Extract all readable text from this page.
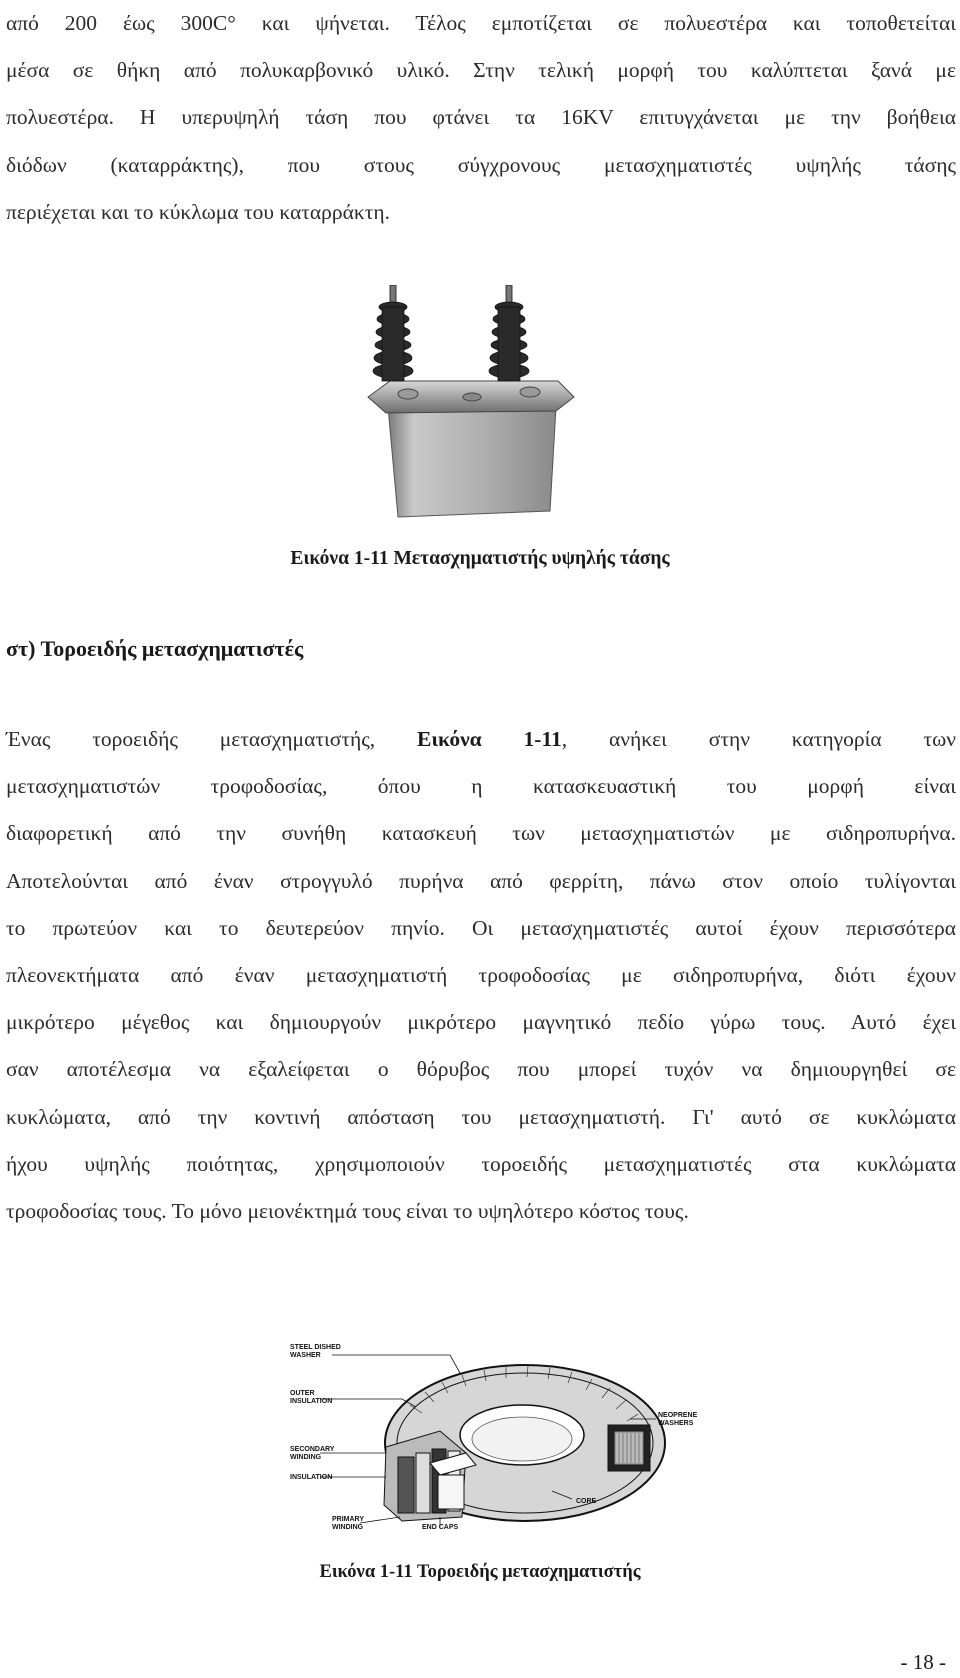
από 200 έως 300C° και ψήνεται. Τέλος εμποτίζεται σε πολυεστέρα και τοποθετείται
μέσα σε θήκη από πολυκαρβονικό υλικό. Στην τελική μορφή του καλύπτεται ξανά με
πολυεστέρα. Η υπερυψηλή τάση που φτάνει τα 16KV επιτυγχάνεται με την βοήθεια
διόδων (καταρράκτης), που στους σύγχρονους μετασχηματιστές υψηλής τάσης
περιέχεται και το κύκλωμα του καταρράκτη.

Εικόνα 1-11 Μετασχηματιστής υψηλής τάσης
στ) Τοροειδής μετασχηματιστές

Ένας τοροειδής μετασχηματιστής, Εικόνα 1-11, ανήκει στην κατηγορία των
μετασχηματιστών τροφοδοσίας, όπου η κατασκευαστική του μορφή είναι
διαφορετική από την συνήθη κατασκευή των μετασχηματιστών με σιδηροπυρήνα.
Αποτελούνται από έναν στρογγυλό πυρήνα από φερρίτη, πάνω στον οποίο τυλίγονται
το πρωτεύον και το δευτερεύον πηνίο. Οι μετασχηματιστές αυτοί έχουν περισσότερα
πλεονεκτήματα από έναν μετασχηματιστή τροφοδοσίας με σιδηροπυρήνα, διότι έχουν
μικρότερο μέγεθος και δημιουργούν μικρότερο μαγνητικό πεδίο γύρω τους. Αυτό έχει
σαν αποτέλεσμα να εξαλείφεται ο θόρυβος που μπορεί τυχόν να δημιουργηθεί σε
κυκλώματα, από την κοντινή απόσταση του μετασχηματιστή. Γι' αυτό σε κυκλώματα
ήχου υψηλής ποιότητας, χρησιμοποιούν τοροειδής μετασχηματιστές στα κυκλώματα
τροφοδοσίας τους. Το μόνο μειονέκτημά τους είναι το υψηλότερο κόστος τους.

STEEL DISHED
WASHER
OUTER
INSULATION
SECONDARY
WINDING
INSULATION
PRIMARY
WINDING	END CAPS
CORE
NEOPRENE
WASHERS
Εικόνα 1-11 Τοροειδής μετασχηματιστής
- 18 -
